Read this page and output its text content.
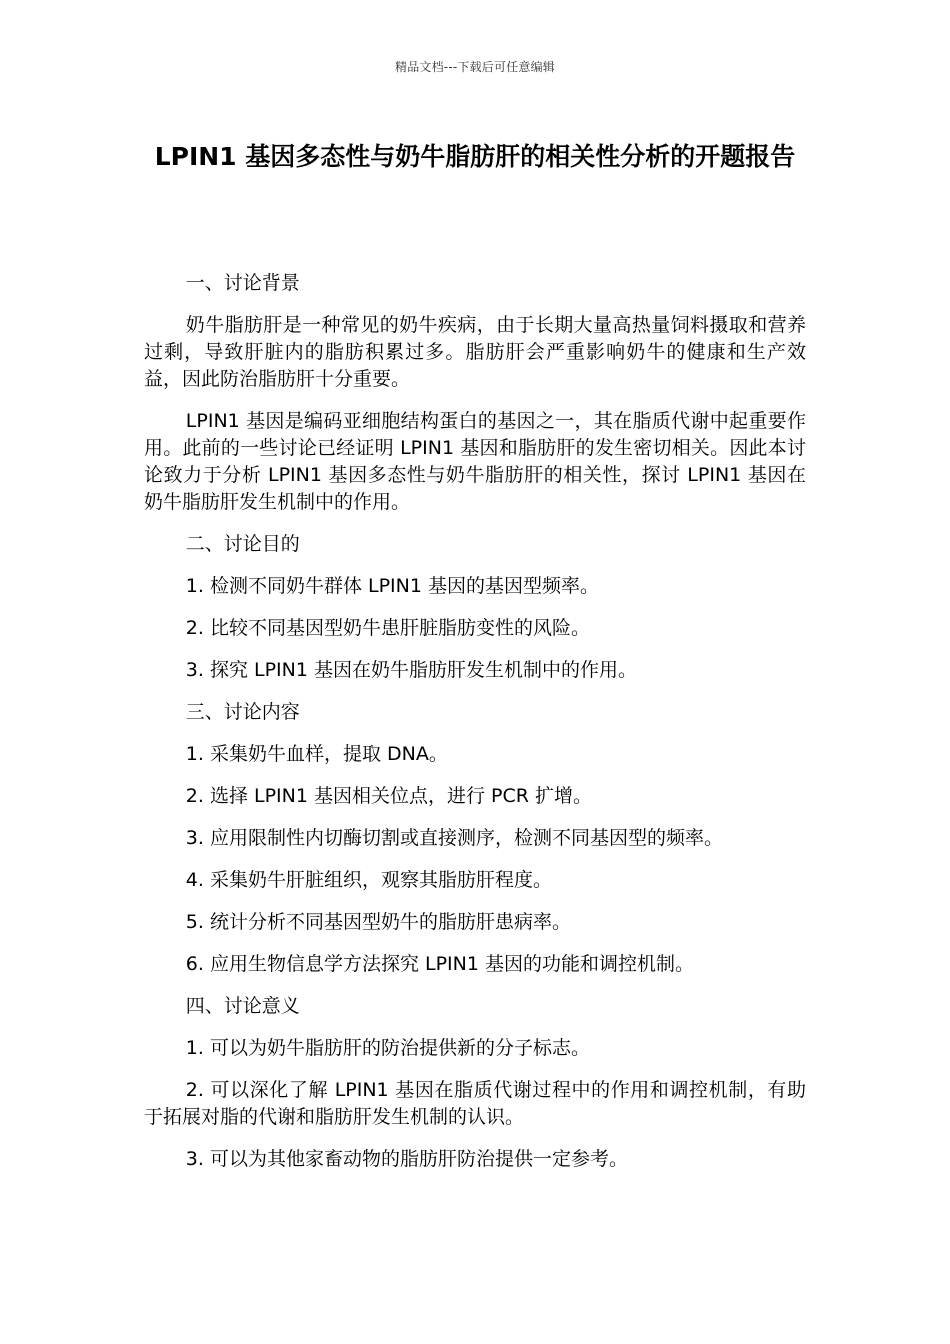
精品文档---下载后可任意编辑
LPIN1 基因多态性与奶牛脂肪肝的相关性分析的开题报告

一、讨论背景

奶牛脂肪肝是一种常见的奶牛疾病，由于长期大量高热量饲料摄取和营养过剩，导致肝脏内的脂肪积累过多。脂肪肝会严重影响奶牛的健康和生产效益，因此防治脂肪肝十分重要。

LPIN1 基因是编码亚细胞结构蛋白的基因之一，其在脂质代谢中起重要作用。此前的一些讨论已经证明 LPIN1 基因和脂肪肝的发生密切相关。因此本讨论致力于分析 LPIN1 基因多态性与奶牛脂肪肝的相关性，探讨 LPIN1 基因在奶牛脂肪肝发生机制中的作用。

二、讨论目的

1. 检测不同奶牛群体 LPIN1 基因的基因型频率。

2. 比较不同基因型奶牛患肝脏脂肪变性的风险。

3. 探究 LPIN1 基因在奶牛脂肪肝发生机制中的作用。

三、讨论内容

1. 采集奶牛血样，提取 DNA。

2. 选择 LPIN1 基因相关位点，进行 PCR 扩增。

3. 应用限制性内切酶切割或直接测序，检测不同基因型的频率。

4. 采集奶牛肝脏组织，观察其脂肪肝程度。

5. 统计分析不同基因型奶牛的脂肪肝患病率。

6. 应用生物信息学方法探究 LPIN1 基因的功能和调控机制。

四、讨论意义

1. 可以为奶牛脂肪肝的防治提供新的分子标志。

2. 可以深化了解 LPIN1 基因在脂质代谢过程中的作用和调控机制，有助于拓展对脂的代谢和脂肪肝发生机制的认识。

3. 可以为其他家畜动物的脂肪肝防治提供一定参考。
